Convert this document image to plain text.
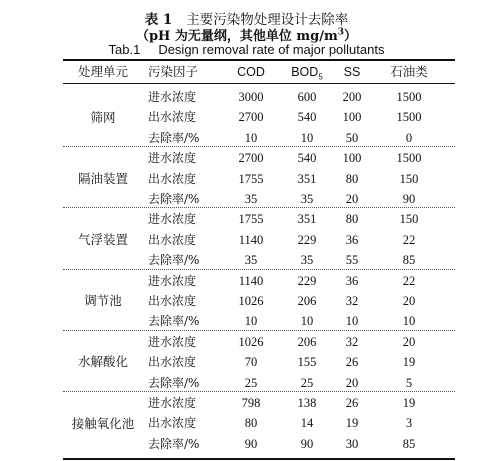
表 1 主要污染物处理设计去除率
（pH 为无量纲，其他单位 $mg/m^3$）
Tab.1 Design removal rate of major pollutants
处理单元	污染因子	COD	$BOD_5$	SS	石油类
筛网
进水浓度	3000	600	200	1500
出水浓度	2700	540	100	1500
去除率/%	10	10	50	0
隔油装置
进水浓度	2700	540	100	1500
出水浓度	1755	351	80	150
去除率/%	35	35	20	90
气浮装置
进水浓度	1755	351	80	150
出水浓度	1140	229	36	22
去除率/%	35	35	55	85
调节池
进水浓度	1140	229	36	22
出水浓度	1026	206	32	20
去除率/%	10	10	10	10
水解酸化
进水浓度	1026	206	32	20
出水浓度	70	155	26	19
去除率/%	25	25	20	5
接触氧化池
进水浓度	798	138	26	19
出水浓度	80	14	19	3
去除率/%	90	90	30	85
